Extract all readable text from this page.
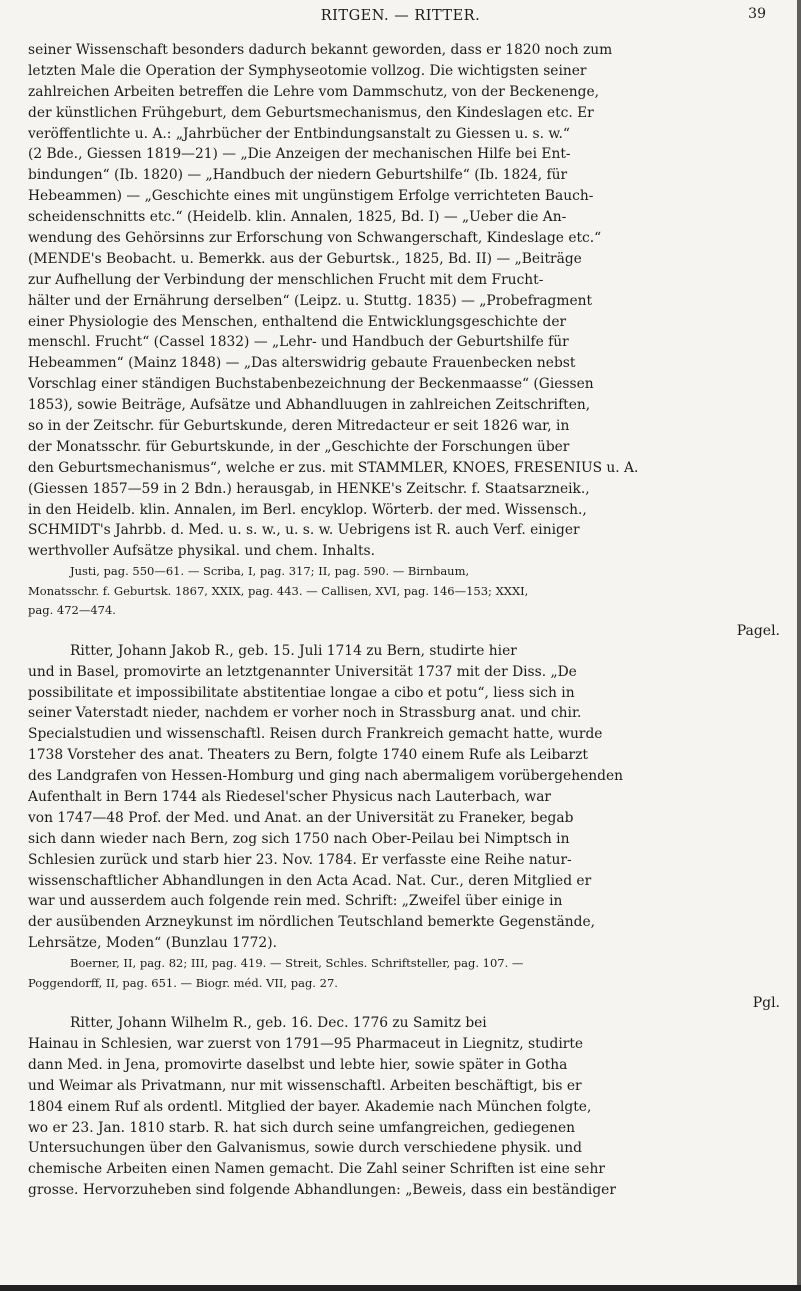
RITGEN. — RITTER.	39
seiner Wissenschaft besonders dadurch bekannt geworden, dass er 1820 noch zum
letzten Male die Operation der Symphyseotomie vollzog. Die wichtigsten seiner
zahlreichen Arbeiten betreffen die Lehre vom Dammschutz, von der Beckenenge,
der künstlichen Frühgeburt, dem Geburtsmechanismus, den Kindeslagen etc. Er
veröffentlichte u. A.: „Jahrbücher der Entbindungsanstalt zu Giessen u. s. w.“
(2 Bde., Giessen 1819—21) — „Die Anzeigen der mechanischen Hilfe bei Ent-
bindungen“ (Ib. 1820) — „Handbuch der niedern Geburtshilfe“ (Ib. 1824, für
Hebeammen) — „Geschichte eines mit ungünstigem Erfolge verrichteten Bauch-
scheidenschnitts etc.“ (Heidelb. klin. Annalen, 1825, Bd. I) — „Ueber die An-
wendung des Gehörsinns zur Erforschung von Schwangerschaft, Kindeslage etc.“
(MENDE's Beobacht. u. Bemerkk. aus der Geburtsk., 1825, Bd. II) — „Beiträge
zur Aufhellung der Verbindung der menschlichen Frucht mit dem Frucht-
hälter und der Ernährung derselben“ (Leipz. u. Stuttg. 1835) — „Probefragment
einer Physiologie des Menschen, enthaltend die Entwicklungsgeschichte der
menschl. Frucht“ (Cassel 1832) — „Lehr- und Handbuch der Geburtshilfe für
Hebeammen“ (Mainz 1848) — „Das alterswidrig gebaute Frauenbecken nebst
Vorschlag einer ständigen Buchstabenbezeichnung der Beckenmaasse“ (Giessen
1853), sowie Beiträge, Aufsätze und Abhandluugen in zahlreichen Zeitschriften,
so in der Zeitschr. für Geburtskunde, deren Mitredacteur er seit 1826 war, in
der Monatsschr. für Geburtskunde, in der „Geschichte der Forschungen über
den Geburtsmechanismus“, welche er zus. mit STAMMLER, KNOES, FRESENIUS u. A.
(Giessen 1857—59 in 2 Bdn.) herausgab, in HENKE's Zeitschr. f. Staatsarzneik.,
in den Heidelb. klin. Annalen, im Berl. encyklop. Wörterb. der med. Wissensch.,
SCHMIDT's Jahrbb. d. Med. u. s. w., u. s. w. Uebrigens ist R. auch Verf. einiger
werthvoller Aufsätze physikal. und chem. Inhalts.
Justi, pag. 550—61. — Scriba, I, pag. 317; II, pag. 590. — Birnbaum,
Monatsschr. f. Geburtsk. 1867, XXIX, pag. 443. — Callisen, XVI, pag. 146—153; XXXI,
pag. 472—474.
Pagel.
Ritter, Johann Jakob R., geb. 15. Juli 1714 zu Bern, studirte hier
und in Basel, promovirte an letztgenannter Universität 1737 mit der Diss. „De
possibilitate et impossibilitate abstitentiae longae a cibo et potu“, liess sich in
seiner Vaterstadt nieder, nachdem er vorher noch in Strassburg anat. und chir.
Specialstudien und wissenschaftl. Reisen durch Frankreich gemacht hatte, wurde
1738 Vorsteher des anat. Theaters zu Bern, folgte 1740 einem Rufe als Leibarzt
des Landgrafen von Hessen-Homburg und ging nach abermaligem vorübergehenden
Aufenthalt in Bern 1744 als Riedesel'scher Physicus nach Lauterbach, war
von 1747—48 Prof. der Med. und Anat. an der Universität zu Franeker, begab
sich dann wieder nach Bern, zog sich 1750 nach Ober-Peilau bei Nimptsch in
Schlesien zurück und starb hier 23. Nov. 1784. Er verfasste eine Reihe natur-
wissenschaftlicher Abhandlungen in den Acta Acad. Nat. Cur., deren Mitglied er
war und ausserdem auch folgende rein med. Schrift: „Zweifel über einige in
der ausübenden Arzneykunst im nördlichen Teutschland bemerkte Gegenstände,
Lehrsätze, Moden“ (Bunzlau 1772).
Boerner, II, pag. 82; III, pag. 419. — Streit, Schles. Schriftsteller, pag. 107. —
Poggendorff, II, pag. 651. — Biogr. méd. VII, pag. 27.
Pgl.
Ritter, Johann Wilhelm R., geb. 16. Dec. 1776 zu Samitz bei
Hainau in Schlesien, war zuerst von 1791—95 Pharmaceut in Liegnitz, studirte
dann Med. in Jena, promovirte daselbst und lebte hier, sowie später in Gotha
und Weimar als Privatmann, nur mit wissenschaftl. Arbeiten beschäftigt, bis er
1804 einem Ruf als ordentl. Mitglied der bayer. Akademie nach München folgte,
wo er 23. Jan. 1810 starb. R. hat sich durch seine umfangreichen, gediegenen
Untersuchungen über den Galvanismus, sowie durch verschiedene physik. und
chemische Arbeiten einen Namen gemacht. Die Zahl seiner Schriften ist eine sehr
grosse. Hervorzuheben sind folgende Abhandlungen: „Beweis, dass ein beständiger
